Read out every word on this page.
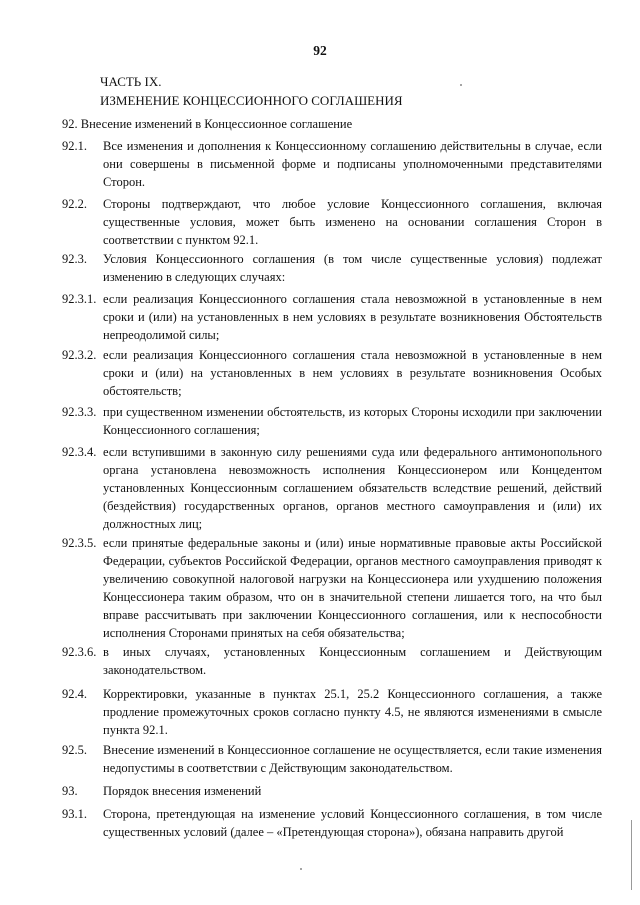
92
ЧАСТЬ IX.
ИЗМЕНЕНИЕ КОНЦЕССИОННОГО СОГЛАШЕНИЯ
92. Внесение изменений в Концессионное соглашение
92.1. Все изменения и дополнения к Концессионному соглашению действительны в случае, если они совершены в письменной форме и подписаны уполномоченными представителями Сторон.
92.2. Стороны подтверждают, что любое условие Концессионного соглашения, включая существенные условия, может быть изменено на основании соглашения Сторон в соответствии с пунктом 92.1.
92.3. Условия Концессионного соглашения (в том числе существенные условия) подлежат изменению в следующих случаях:
92.3.1. если реализация Концессионного соглашения стала невозможной в установленные в нем сроки и (или) на установленных в нем условиях в результате возникновения Обстоятельств непреодолимой силы;
92.3.2. если реализация Концессионного соглашения стала невозможной в установленные в нем сроки и (или) на установленных в нем условиях в результате возникновения Особых обстоятельств;
92.3.3. при существенном изменении обстоятельств, из которых Стороны исходили при заключении Концессионного соглашения;
92.3.4. если вступившими в законную силу решениями суда или федерального антимонопольного органа установлена невозможность исполнения Концессионером или Концедентом установленных Концессионным соглашением обязательств вследствие решений, действий (бездействия) государственных органов, органов местного самоуправления и (или) их должностных лиц;
92.3.5. если принятые федеральные законы и (или) иные нормативные правовые акты Российской Федерации, субъектов Российской Федерации, органов местного самоуправления приводят к увеличению совокупной налоговой нагрузки на Концессионера или ухудшению положения Концессионера таким образом, что он в значительной степени лишается того, на что был вправе рассчитывать при заключении Концессионного соглашения, или к неспособности исполнения Сторонами принятых на себя обязательства;
92.3.6. в иных случаях, установленных Концессионным соглашением и Действующим законодательством.
92.4. Корректировки, указанные в пунктах 25.1, 25.2 Концессионного соглашения, а также продление промежуточных сроков согласно пункту 4.5, не являются изменениями в смысле пункта 92.1.
92.5. Внесение изменений в Концессионное соглашение не осуществляется, если такие изменения недопустимы в соответствии с Действующим законодательством.
93. Порядок внесения изменений
93.1. Сторона, претендующая на изменение условий Концессионного соглашения, в том числе существенных условий (далее – «Претендующая сторона»), обязана направить другой
